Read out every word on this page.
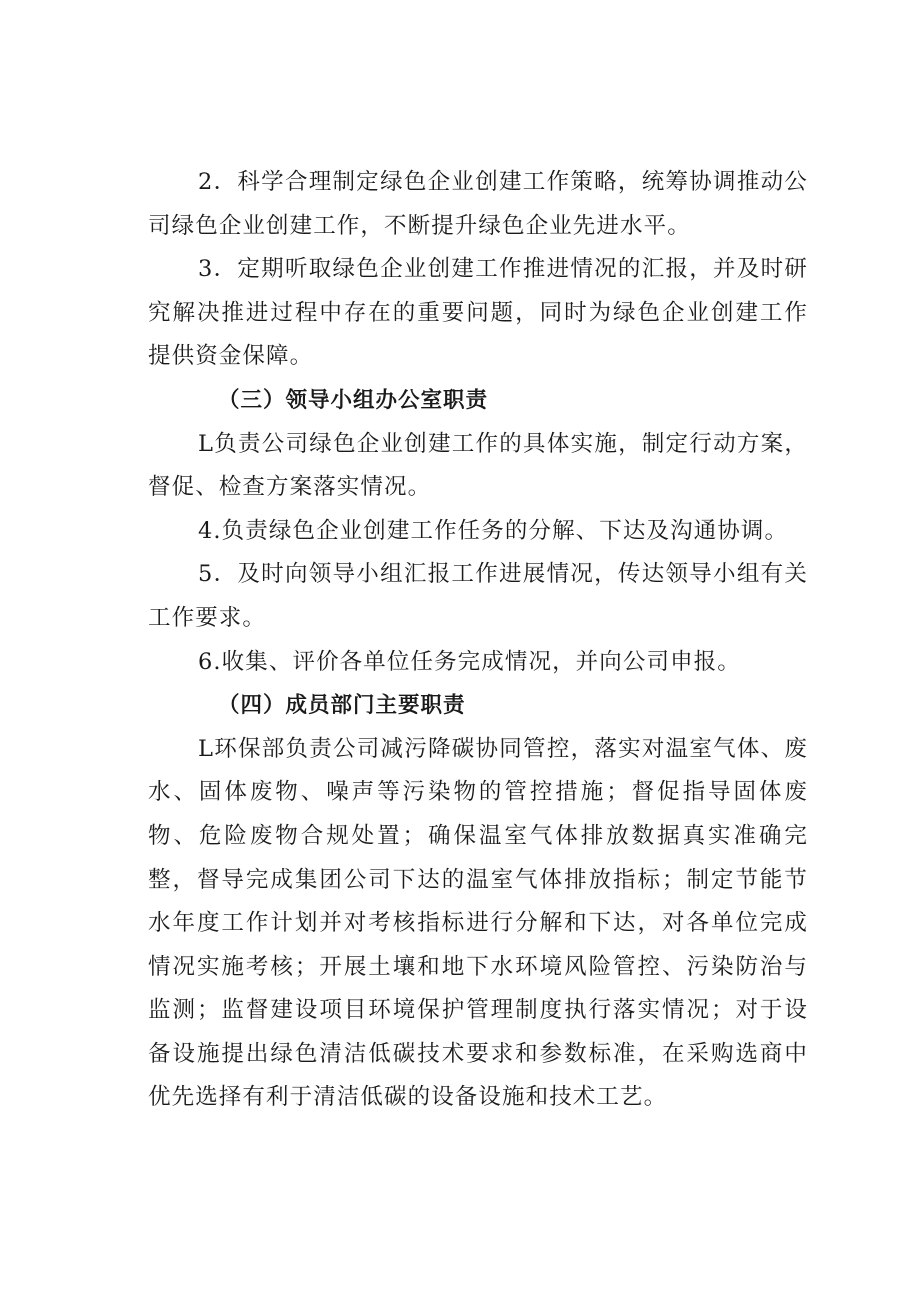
2．科学合理制定绿色企业创建工作策略，统筹协调推动公司绿色企业创建工作，不断提升绿色企业先进水平。

3．定期听取绿色企业创建工作推进情况的汇报，并及时研究解决推进过程中存在的重要问题，同时为绿色企业创建工作提供资金保障。

（三）领导小组办公室职责

L负责公司绿色企业创建工作的具体实施，制定行动方案，督促、检查方案落实情况。

4.负责绿色企业创建工作任务的分解、下达及沟通协调。

5．及时向领导小组汇报工作进展情况，传达领导小组有关工作要求。

6.收集、评价各单位任务完成情况，并向公司申报。

（四）成员部门主要职责

L环保部负责公司减污降碳协同管控，落实对温室气体、废水、固体废物、噪声等污染物的管控措施；督促指导固体废物、危险废物合规处置；确保温室气体排放数据真实准确完整，督导完成集团公司下达的温室气体排放指标；制定节能节水年度工作计划并对考核指标进行分解和下达，对各单位完成情况实施考核；开展土壤和地下水环境风险管控、污染防治与监测；监督建设项目环境保护管理制度执行落实情况；对于设备设施提出绿色清洁低碳技术要求和参数标准，在采购选商中优先选择有利于清洁低碳的设备设施和技术工艺。
